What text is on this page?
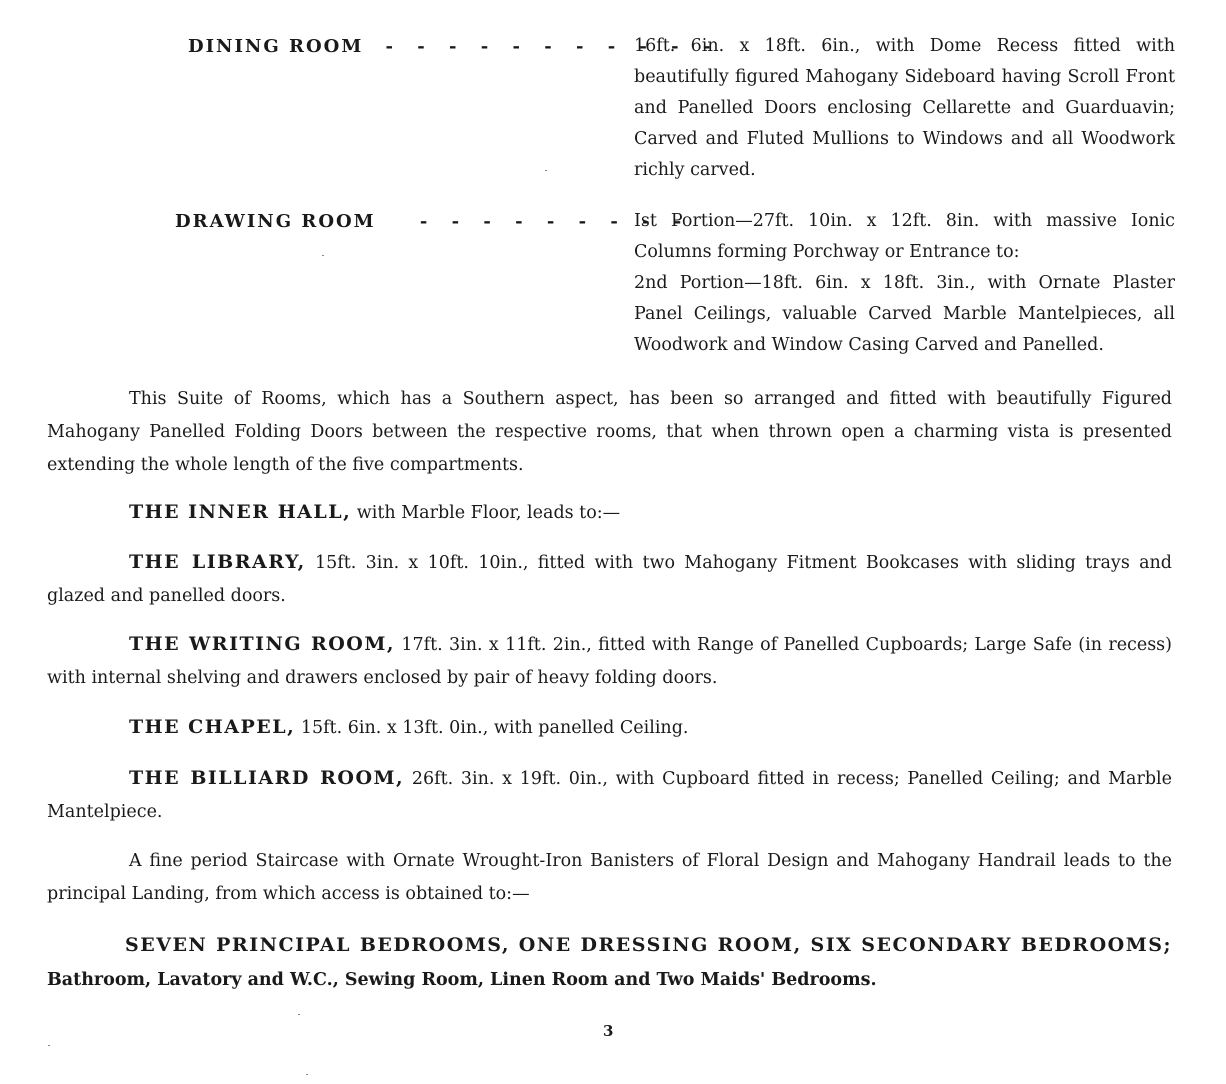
DINING ROOM - - - - - - - - - - -

16ft. 6in. x 18ft. 6in., with Dome Recess fitted with beautifully figured Mahogany Sideboard having Scroll Front and Panelled Doors enclosing Cellarette and Guarduavin; Carved and Fluted Mullions to Windows and all Woodwork richly carved.

DRAWING ROOM - - - - - - - - -

Ist Portion—27ft. 10in. x 12ft. 8in. with massive Ionic Columns forming Porchway or Entrance to:

2nd Portion—18ft. 6in. x 18ft. 3in., with Ornate Plaster Panel Ceilings, valuable Carved Marble Mantelpieces, all Woodwork and Window Casing Carved and Panelled.

This Suite of Rooms, which has a Southern aspect, has been so arranged and fitted with beautifully Figured Mahogany Panelled Folding Doors between the respective rooms, that when thrown open a charming vista is presented extending the whole length of the five compartments.
THE INNER HALL, with Marble Floor, leads to:—
THE LIBRARY, 15ft. 3in. x 10ft. 10in., fitted with two Mahogany Fitment Bookcases with sliding trays and glazed and panelled doors.
THE WRITING ROOM, 17ft. 3in. x 11ft. 2in., fitted with Range of Panelled Cupboards; Large Safe (in recess) with internal shelving and drawers enclosed by pair of heavy folding doors.
THE CHAPEL, 15ft. 6in. x 13ft. 0in., with panelled Ceiling.
THE BILLIARD ROOM, 26ft. 3in. x 19ft. 0in., with Cupboard fitted in recess; Panelled Ceiling; and Marble Mantelpiece.
A fine period Staircase with Ornate Wrought-Iron Banisters of Floral Design and Mahogany Handrail leads to the principal Landing, from which access is obtained to:—
SEVEN PRINCIPAL BEDROOMS, ONE DRESSING ROOM, SIX SECONDARY BEDROOMS; Bathroom, Lavatory and W.C., Sewing Room, Linen Room and Two Maids' Bedrooms.
3
